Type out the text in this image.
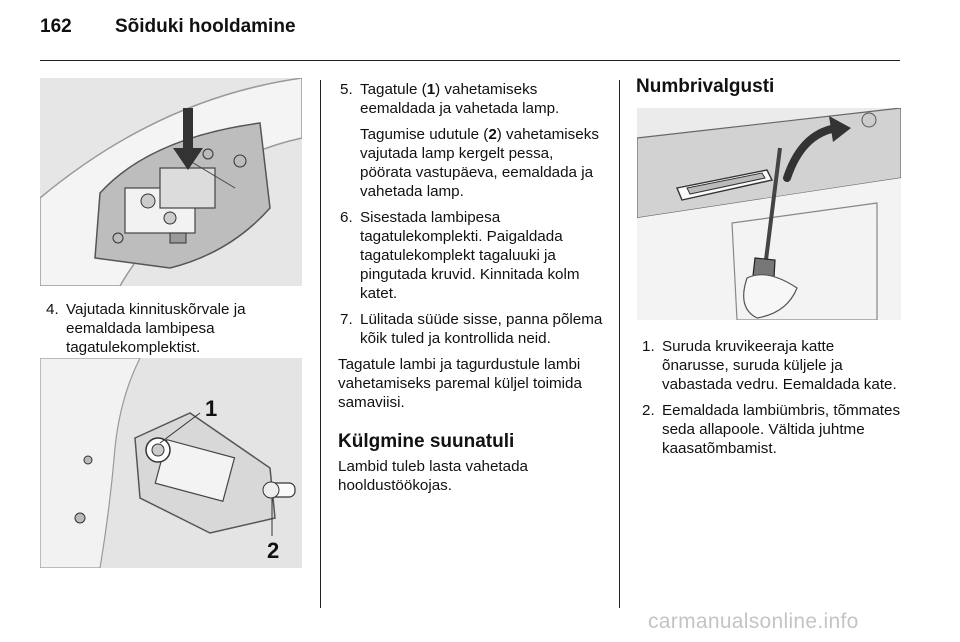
162 Sõiduki hooldamine
4. Vajutada kinnituskõrvale ja eemaldada lambipesa tagatulekomplektist.
1
2
5. Tagatule (1) vahetamiseks eemaldada ja vahetada lamp.
Tagumise udutule (2) vahetamiseks vajutada lamp kergelt pessa, pöörata vastupäeva, eemaldada ja vahetada lamp.
6. Sisestada lambipesa tagatulekomplekti. Paigaldada tagatulekomplekt tagaluuki ja pingutada kruvid. Kinnitada kolm katet.
7. Lülitada süüde sisse, panna põlema kõik tuled ja kontrollida neid.
Tagatule lambi ja tagurdustule lambi vahetamiseks paremal küljel toimida samaviisi.
Külgmine suunatuli
Lambid tuleb lasta vahetada hooldustöökojas.
Numbrivalgusti
1. Suruda kruvikeeraja katte õnarusse, suruda küljele ja vabastada vedru. Eemaldada kate.
2. Eemaldada lambiümbris, tõmmates seda allapoole. Vältida juhtme kaasatõmbamist.
carmanualsonline.info
